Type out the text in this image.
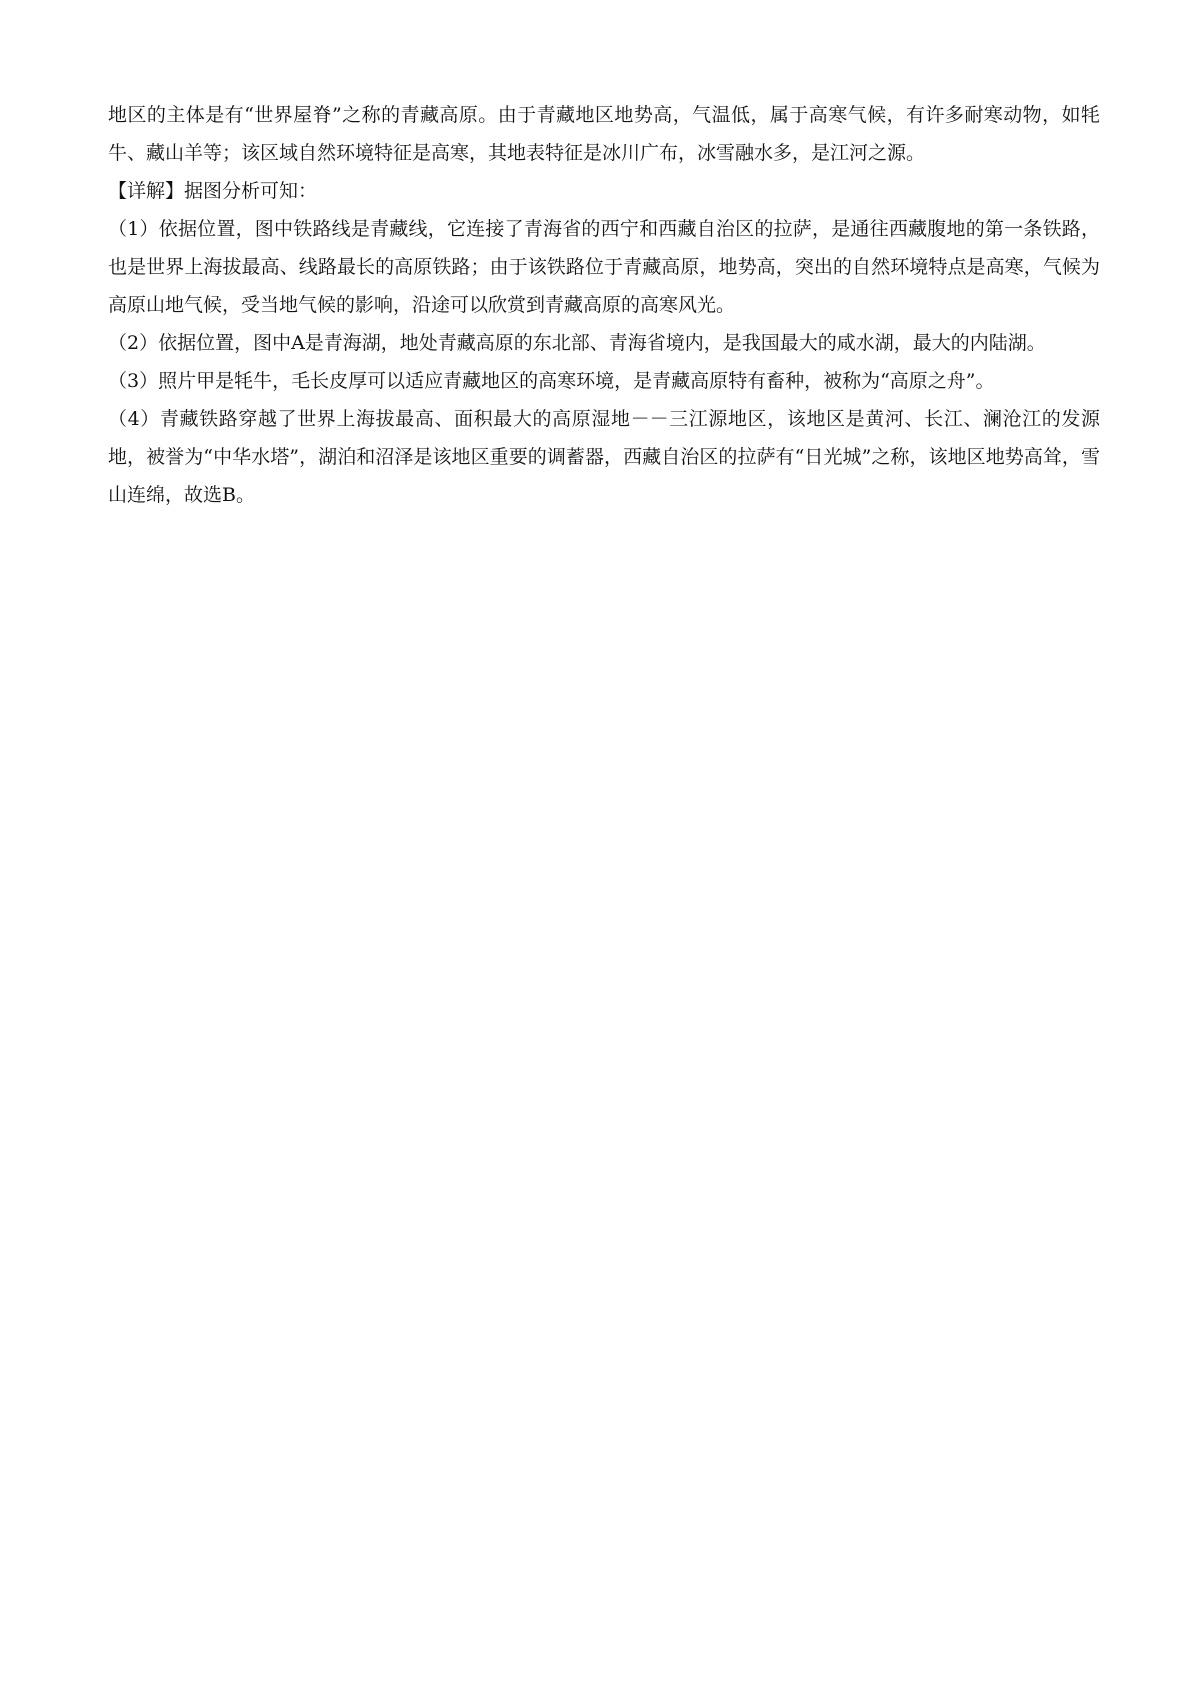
地区的主体是有“世界屋脊”之称的青藏高原。由于青藏地区地势高，气温低，属于高寒气候，有许多耐寒动物，如牦牛、藏山羊等；该区域自然环境特征是高寒，其地表特征是冰川广布，冰雪融水多，是江河之源。

【详解】据图分析可知：

（1）依据位置，图中铁路线是青藏线，它连接了青海省的西宁和西藏自治区的拉萨，是通往西藏腹地的第一条铁路，也是世界上海拔最高、线路最长的高原铁路；由于该铁路位于青藏高原，地势高，突出的自然环境特点是高寒，气候为高原山地气候，受当地气候的影响，沿途可以欣赏到青藏高原的高寒风光。

（2）依据位置，图中A是青海湖，地处青藏高原的东北部、青海省境内，是我国最大的咸水湖，最大的内陆湖。

（3）照片甲是牦牛，毛长皮厚可以适应青藏地区的高寒环境，是青藏高原特有畜种，被称为“高原之舟”。

（4）青藏铁路穿越了世界上海拔最高、面积最大的高原湿地－－三江源地区，该地区是黄河、长江、澜沧江的发源地，被誉为“中华水塔”，湖泊和沼泽是该地区重要的调蓄器，西藏自治区的拉萨有“日光城”之称，该地区地势高耸，雪山连绵，故选B。
